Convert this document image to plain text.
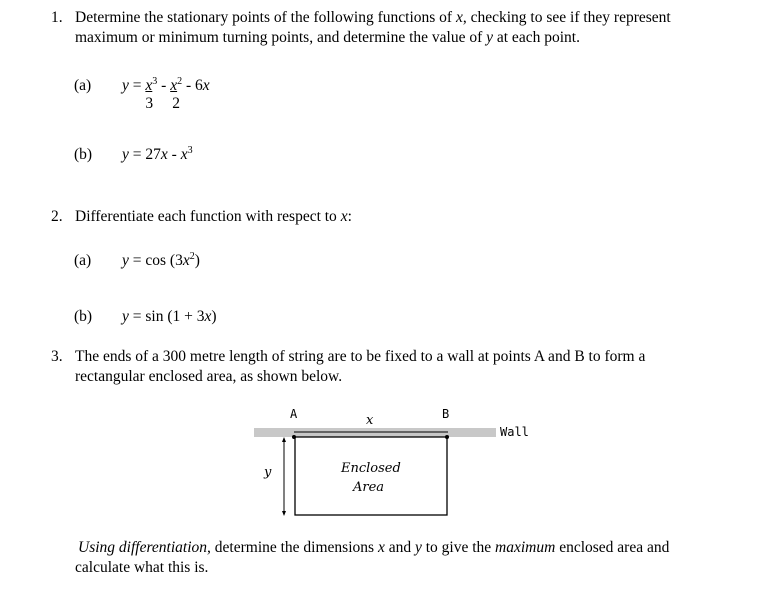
1. Determine the stationary points of the following functions of x, checking to see if they represent
maximum or minimum turning points, and determine the value of y at each point.
(a) $y = x^3$
3
- $x^2$
2
- 6x
(b) $y = 27x - x^3$
2. Differentiate each function with respect to x:
(a) $y = \cos (3x^2)$
(b) y = sin (1 + 3x)
3. The ends of a 300 metre length of string are to be fixed to a wall at points A and B to form a
rectangular enclosed area, as shown below.
A	B
x
y
Wall
Enclosed
Area
Using differentiation, determine the dimensions x and y to give the maximum enclosed area and
calculate what this is.
